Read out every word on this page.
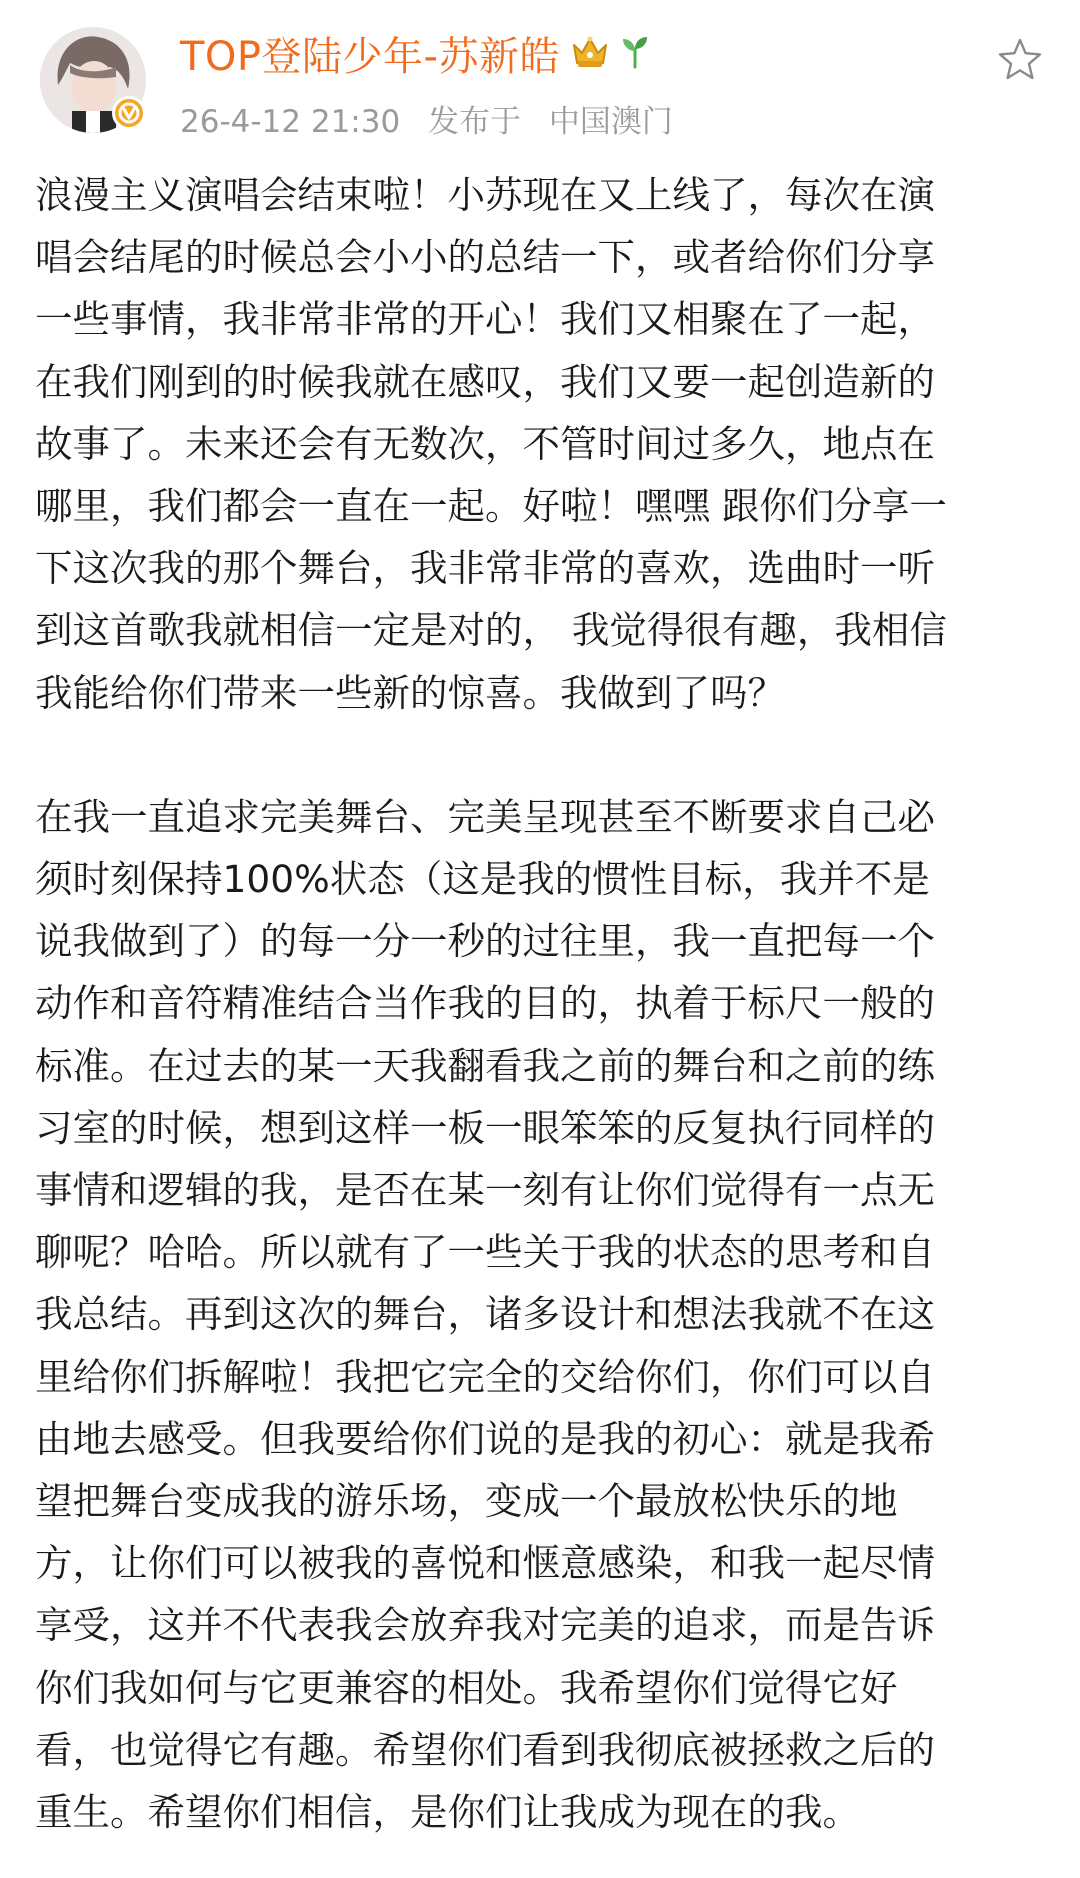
TOP登陆少年-苏新皓
26-4-12 21:30 发布于 中国澳门

浪漫主义演唱会结束啦！小苏现在又上线了，每次在演

唱会结尾的时候总会小小的总结一下，或者给你们分享

一些事情，我非常非常的开心！我们又相聚在了一起，

在我们刚到的时候我就在感叹，我们又要一起创造新的

故事了。未来还会有无数次，不管时间过多久，地点在

哪里，我们都会一直在一起。好啦！嘿嘿 跟你们分享一

下这次我的那个舞台，我非常非常的喜欢，选曲时一听

到这首歌我就相信一定是对的， 我觉得很有趣，我相信

我能给你们带来一些新的惊喜。我做到了吗？

在我一直追求完美舞台、完美呈现甚至不断要求自己必

须时刻保持100%状态（这是我的惯性目标，我并不是

说我做到了）的每一分一秒的过往里，我一直把每一个

动作和音符精准结合当作我的目的，执着于标尺一般的

标准。在过去的某一天我翻看我之前的舞台和之前的练

习室的时候，想到这样一板一眼笨笨的反复执行同样的

事情和逻辑的我，是否在某一刻有让你们觉得有一点无

聊呢？哈哈。所以就有了一些关于我的状态的思考和自

我总结。再到这次的舞台，诸多设计和想法我就不在这

里给你们拆解啦！我把它完全的交给你们，你们可以自

由地去感受。但我要给你们说的是我的初心：就是我希

望把舞台变成我的游乐场，变成一个最放松快乐的地

方，让你们可以被我的喜悦和惬意感染，和我一起尽情

享受，这并不代表我会放弃我对完美的追求，而是告诉

你们我如何与它更兼容的相处。我希望你们觉得它好

看，也觉得它有趣。希望你们看到我彻底被拯救之后的

重生。希望你们相信，是你们让我成为现在的我。
